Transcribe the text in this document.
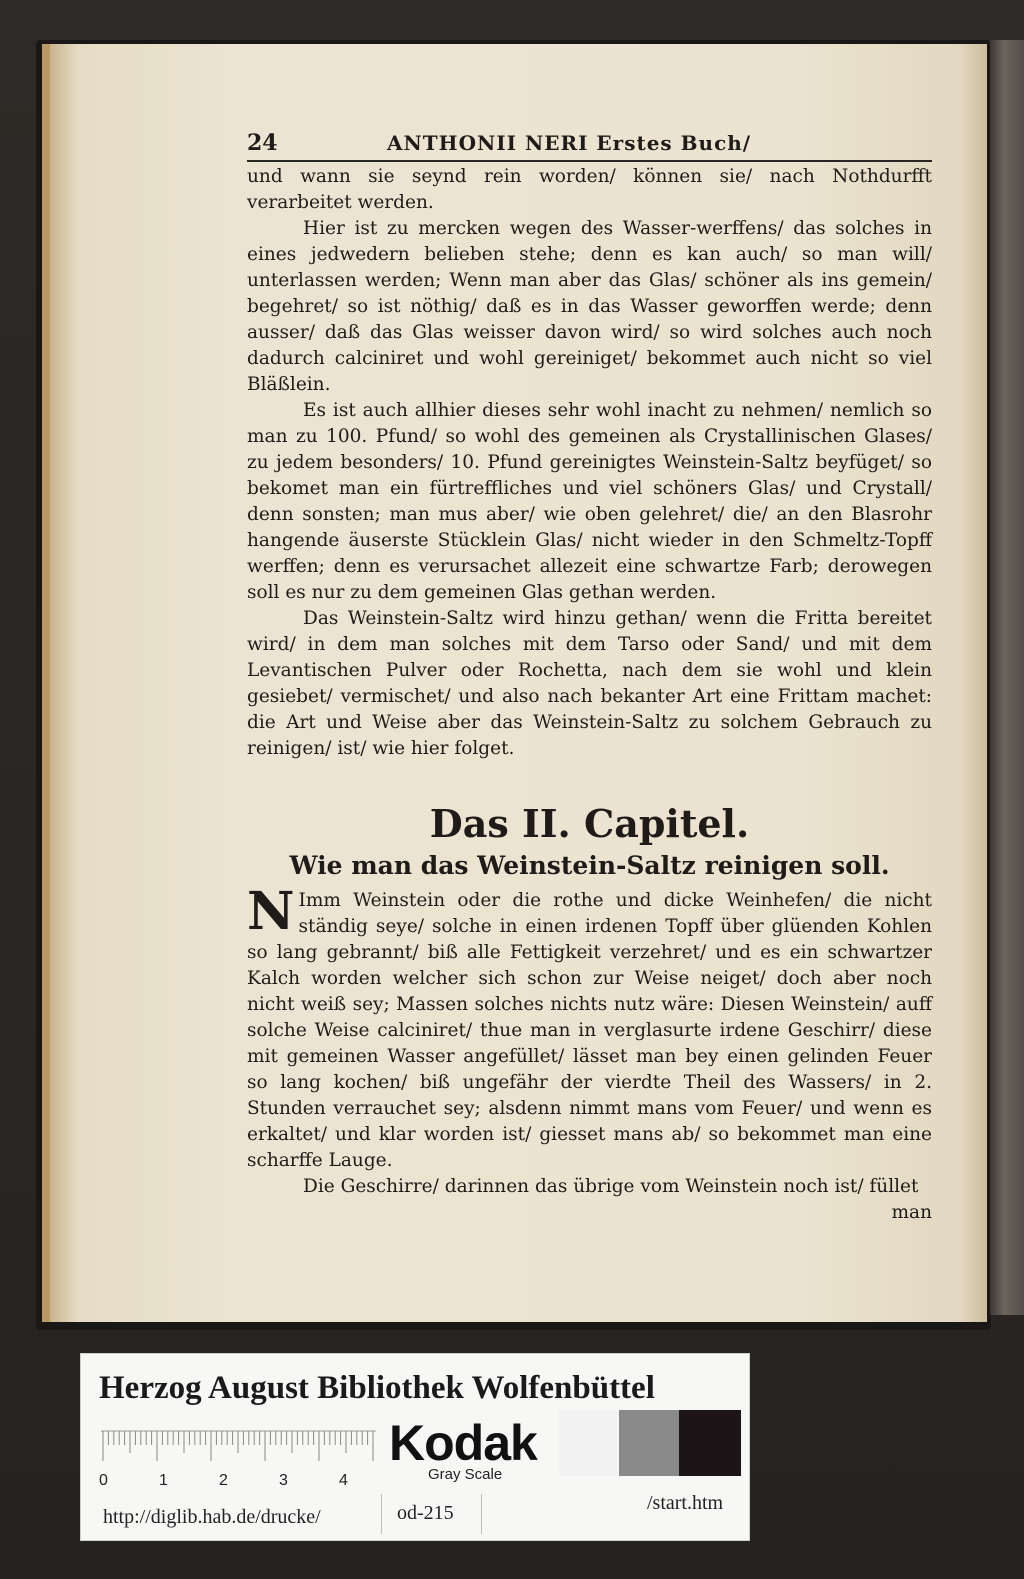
24	ANTHONII NERI Erstes Buch/

und wann sie seynd rein worden/ können sie/ nach Nothdurfft verarbeitet werden.

Hier ist zu mercken wegen des Wasser-werffens/ das solches in eines jedwedern belieben stehe; denn es kan auch/ so man will/ unterlassen werden; Wenn man aber das Glas/ schöner als ins gemein/ begehret/ so ist nöthig/ daß es in das Wasser geworffen werde; denn ausser/ daß das Glas weisser davon wird/ so wird solches auch noch dadurch calciniret und wohl gereiniget/ bekommet auch nicht so viel Bläßlein.

Es ist auch allhier dieses sehr wohl inacht zu nehmen/ nemlich so man zu 100. Pfund/ so wohl des gemeinen als Crystallinischen Glases/ zu jedem besonders/ 10. Pfund gereinigtes Weinstein-Saltz beyfüget/ so bekomet man ein fürtreffliches und viel schöners Glas/ und Crystall/ denn sonsten; man mus aber/ wie oben gelehret/ die/ an den Blasrohr hangende äuserste Stücklein Glas/ nicht wieder in den Schmeltz-Topff werffen; denn es verursachet allezeit eine schwartze Farb; derowegen soll es nur zu dem gemeinen Glas gethan werden.

Das Weinstein-Saltz wird hinzu gethan/ wenn die Fritta bereitet wird/ in dem man solches mit dem Tarso oder Sand/ und mit dem Levantischen Pulver oder Rochetta, nach dem sie wohl und klein gesiebet/ vermischet/ und also nach bekanter Art eine Frittam machet: die Art und Weise aber das Weinstein-Saltz zu solchem Gebrauch zu reinigen/ ist/ wie hier folget.

Das II. Capitel.
Wie man das Weinstein-Saltz reinigen soll.

N Imm Weinstein oder die rothe und dicke Weinhefen/ die nicht ständig seye/ solche in einen irdenen Topff über glüenden Kohlen so lang gebrannt/ biß alle Fettigkeit verzehret/ und es ein schwartzer Kalch worden welcher sich schon zur Weise neiget/ doch aber noch nicht weiß sey; Massen solches nichts nutz wäre: Diesen Weinstein/ auff solche Weise calciniret/ thue man in verglasurte irdene Geschirr/ diese mit gemeinen Wasser angefüllet/ lässet man bey einen gelinden Feuer so lang kochen/ biß ungefähr der vierdte Theil des Wassers/ in 2. Stunden verrauchet sey; alsdenn nimmt mans vom Feuer/ und wenn es erkaltet/ und klar worden ist/ giesset mans ab/ so bekommet man eine scharffe Lauge.

Die Geschirre/ darinnen das übrige vom Weinstein noch ist/ füllet

man

Herzog August Bibliothek Wolfenbüttel
0	1	2	3	4
Kodak
Gray Scale
http://diglib.hab.de/drucke/	od-215	/start.htm
